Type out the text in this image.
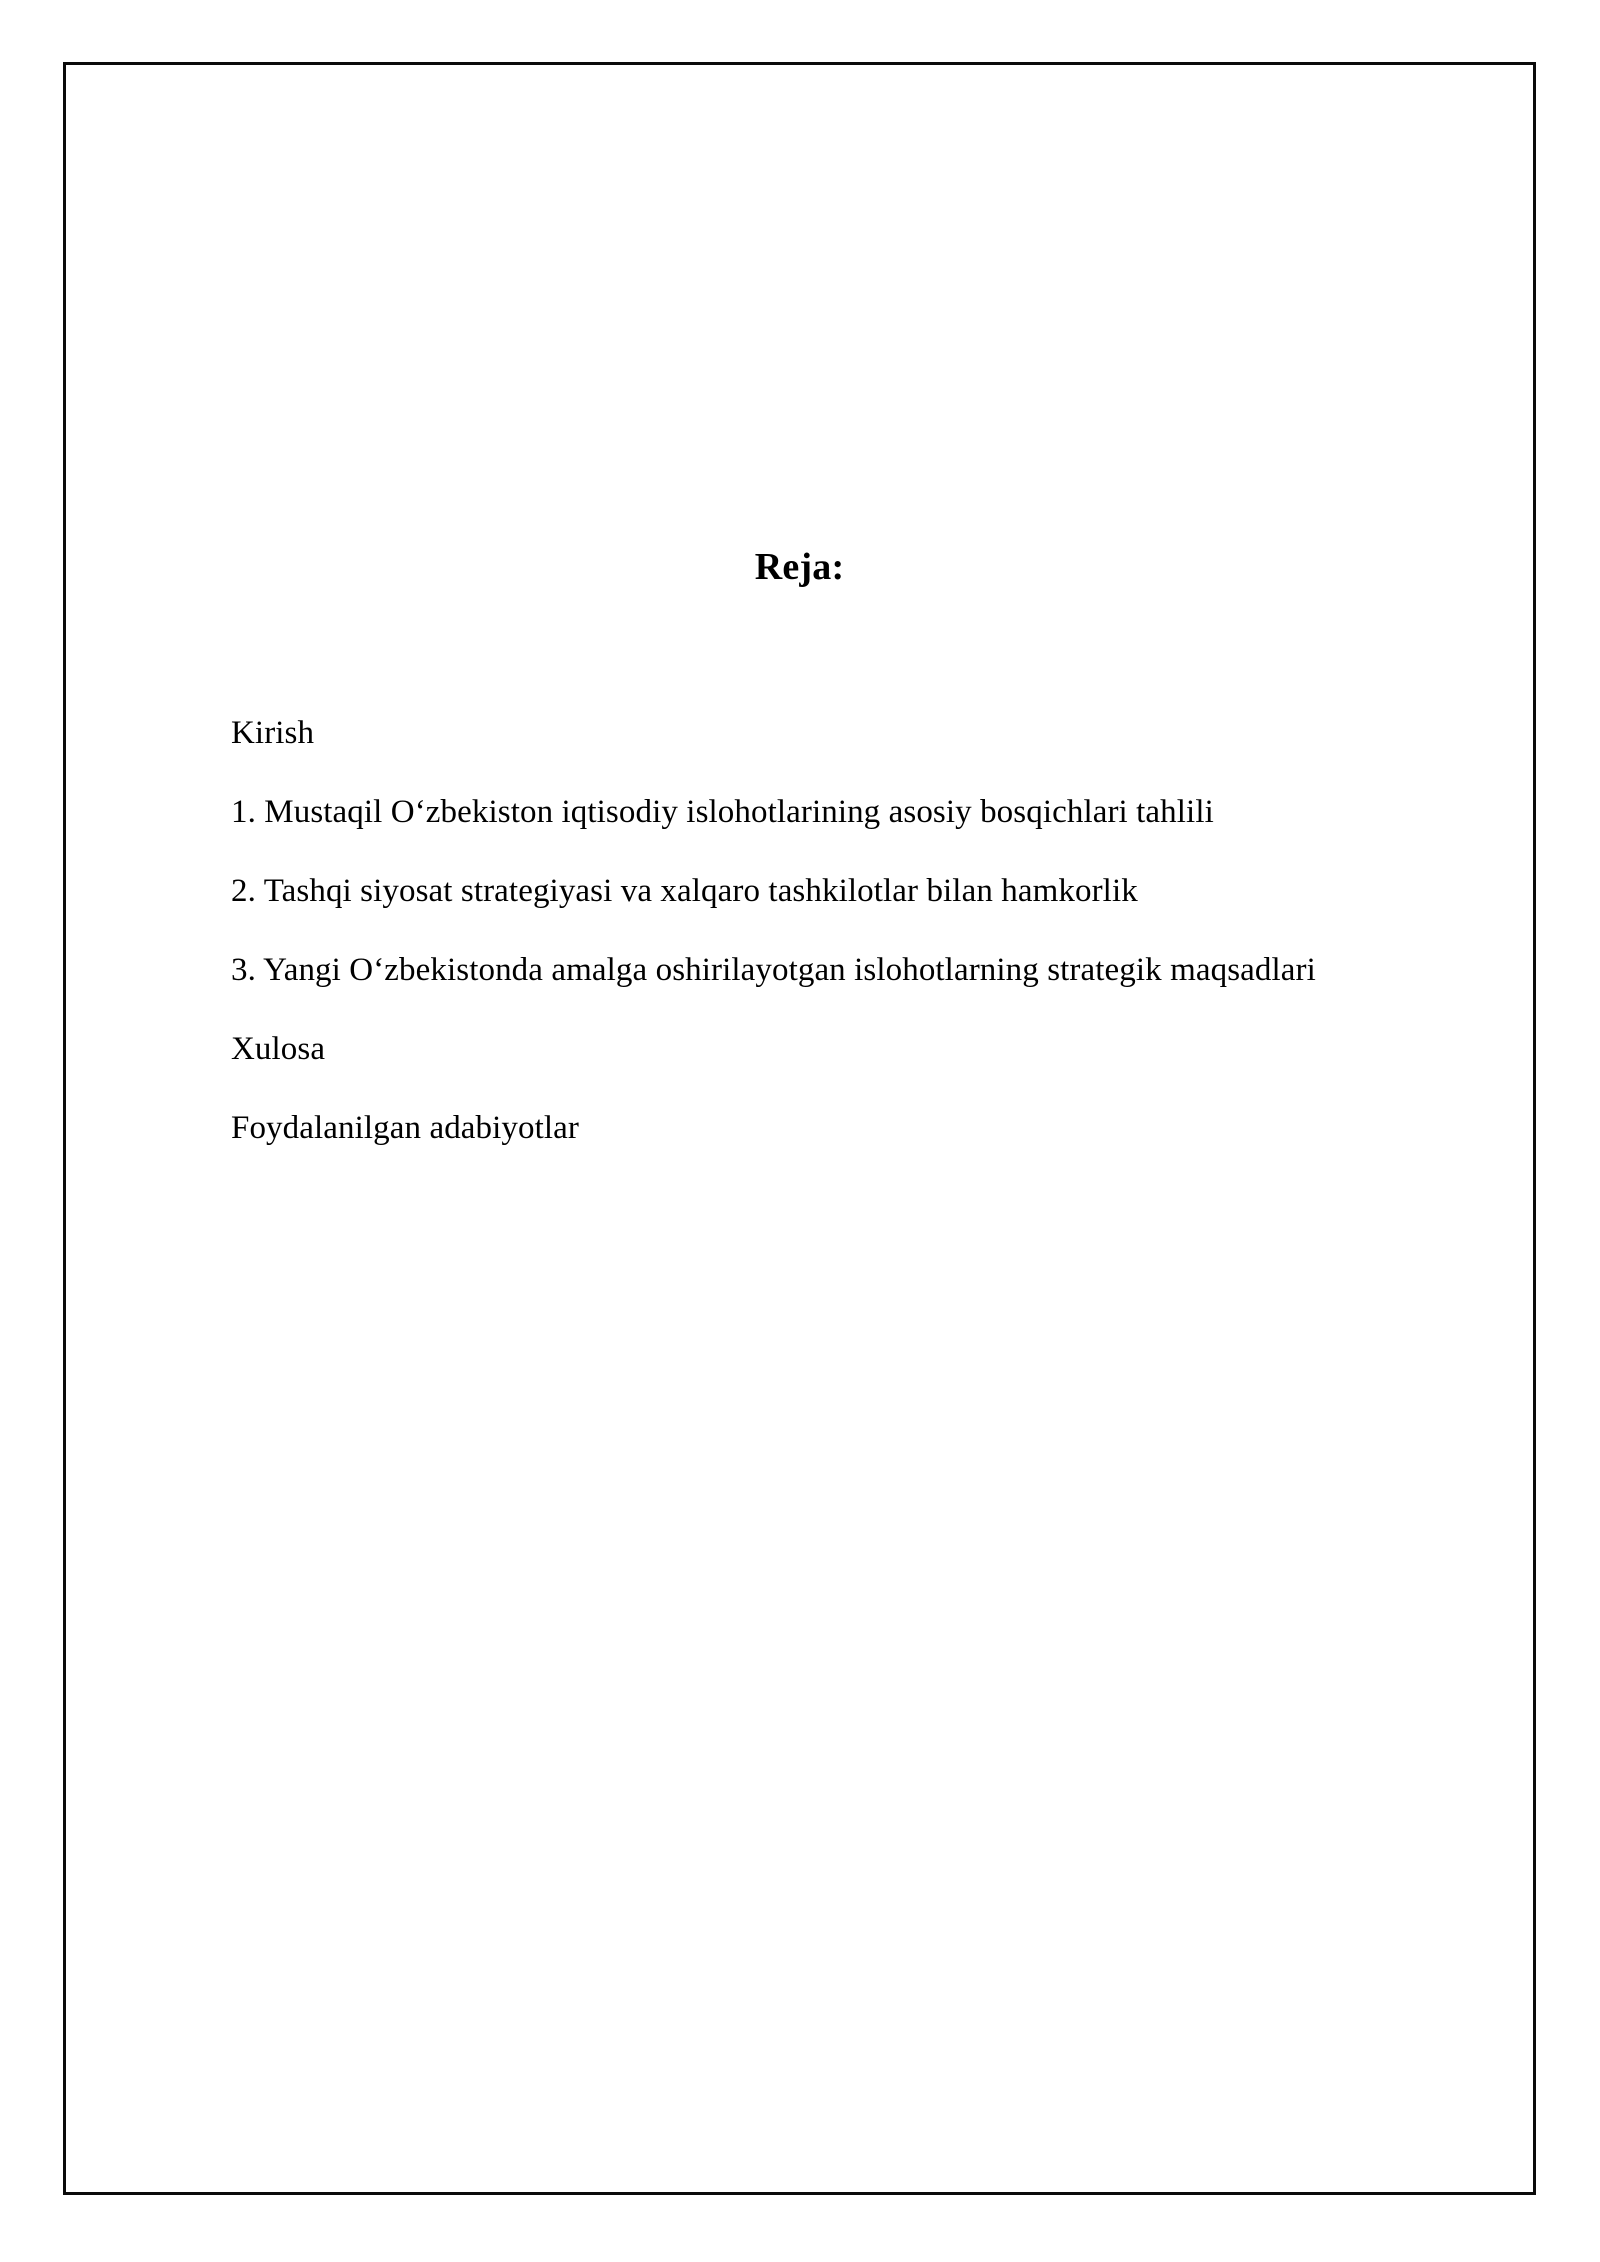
Reja:

Kirish

1. Mustaqil O‘zbekiston iqtisodiy islohotlarining asosiy bosqichlari tahlili

2. Tashqi siyosat strategiyasi va xalqaro tashkilotlar bilan hamkorlik

3. Yangi O‘zbekistonda amalga oshirilayotgan islohotlarning strategik maqsadlari

Xulosa

Foydalanilgan adabiyotlar
